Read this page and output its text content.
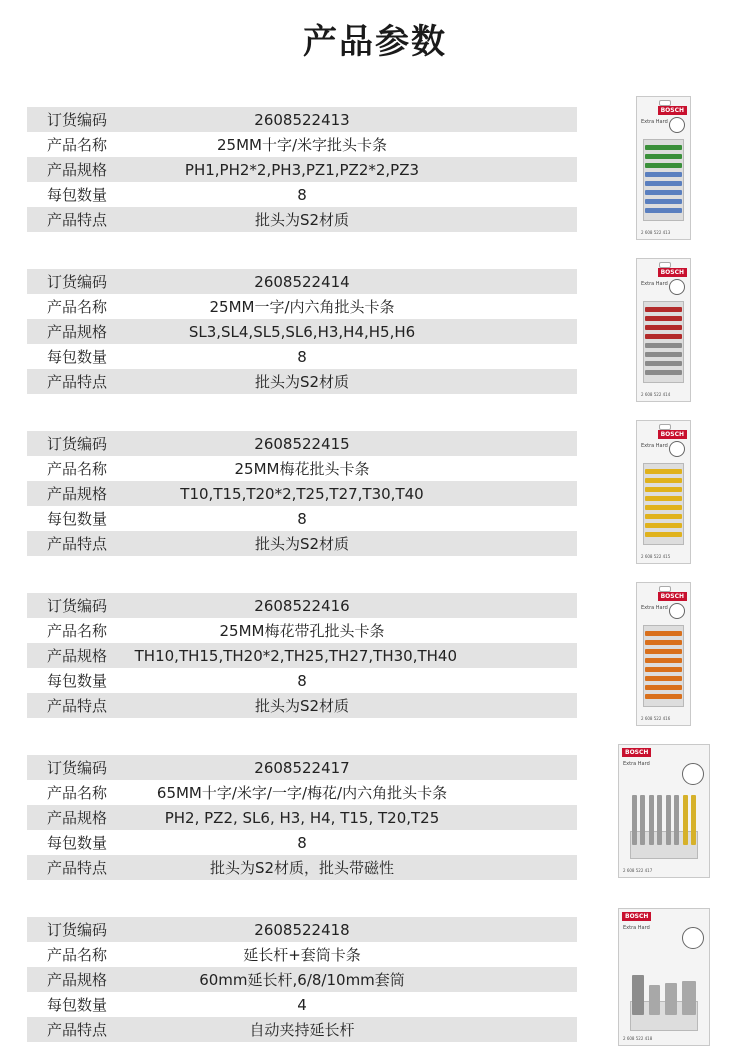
产品参数
订货编码	2608522413
产品名称	25MM十字/米字批头卡条
产品规格	PH1,PH2*2,PH3,PZ1,PZ2*2,PZ3
每包数量	8
产品特点	批头为S2材质
订货编码	2608522414
产品名称	25MM一字/内六角批头卡条
产品规格	SL3,SL4,SL5,SL6,H3,H4,H5,H6
每包数量	8
产品特点	批头为S2材质
订货编码	2608522415
产品名称	25MM梅花批头卡条
产品规格	T10,T15,T20*2,T25,T27,T30,T40
每包数量	8
产品特点	批头为S2材质
订货编码	2608522416
产品名称	25MM梅花带孔批头卡条
产品规格	TH10,TH15,TH20*2,TH25,TH27,TH30,TH40
每包数量	8
产品特点	批头为S2材质
订货编码	2608522417
产品名称	65MM十字/米字/一字/梅花/内六角批头卡条
产品规格	PH2, PZ2, SL6, H3, H4, T15, T20,T25
每包数量	8
产品特点	批头为S2材质，批头带磁性
订货编码	2608522418
产品名称	延长杆+套筒卡条
产品规格	60mm延长杆,6/8/10mm套筒
每包数量	4
产品特点	自动夹持延长杆
BOSCH
Extra Hard
2 608 522 413
BOSCH
Extra Hard
2 608 522 414
BOSCH
Extra Hard
2 608 522 415
BOSCH
Extra Hard
2 608 522 416
BOSCH
Extra Hard
2 608 522 417
BOSCH
Extra Hard
2 608 522 418
